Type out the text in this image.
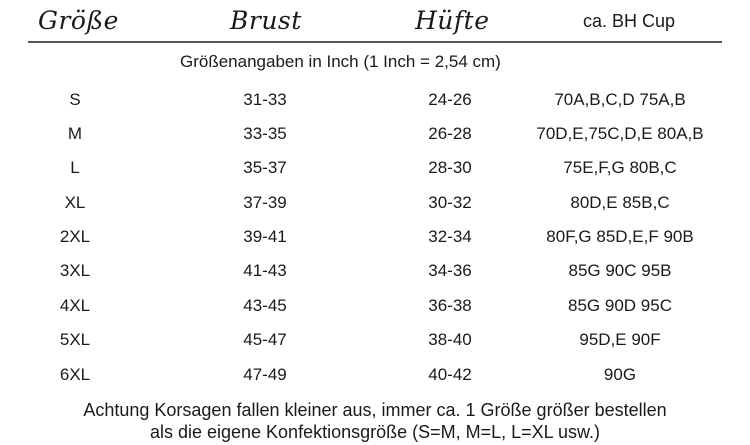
Größe	Brust	Hüfte	ca. BH Cup
Größenangaben in Inch (1 Inch = 2,54 cm)
S	31-33	24-26	70A,B,C,D 75A,B
M	33-35	26-28	70D,E,75C,D,E 80A,B
L	35-37	28-30	75E,F,G 80B,C
XL	37-39	30-32	80D,E 85B,C
2XL	39-41	32-34	80F,G 85D,E,F 90B
3XL	41-43	34-36	85G 90C 95B
4XL	43-45	36-38	85G 90D 95C
5XL	45-47	38-40	95D,E 90F
6XL	47-49	40-42	90G
Achtung Korsagen fallen kleiner aus, immer ca. 1 Größe größer bestellen
als die eigene Konfektionsgröße (S=M, M=L, L=XL usw.)
